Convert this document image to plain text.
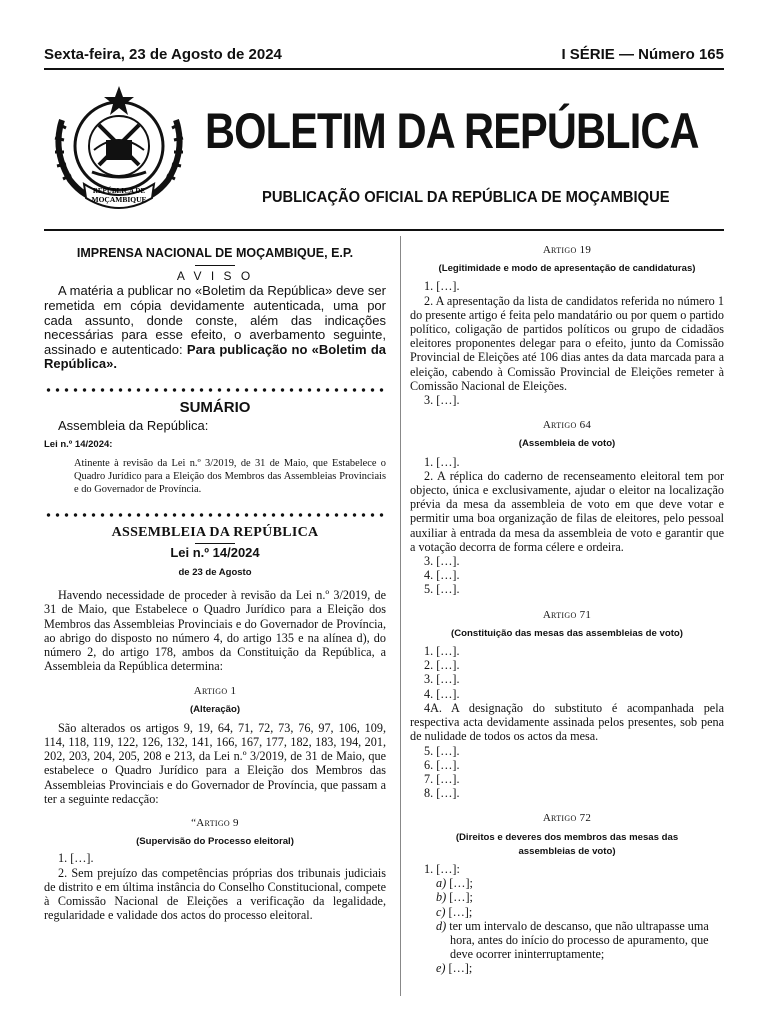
Sexta-feira, 23 de Agosto de 2024	I SÉRIE — Número 165
REPÚBLICA DE
MOÇAMBIQUE
BOLETIM DA REPÚBLICA
PUBLICAÇÃO OFICIAL DA REPÚBLICA DE MOÇAMBIQUE
IMPRENSA NACIONAL DE MOÇAMBIQUE, E.P.
A V I S O

A matéria a publicar no «Boletim da República» deve ser remetida em cópia devidamente autenticada, uma por cada assunto, donde conste, além das indicações necessárias para esse efeito, o averbamento seguinte, assinado e autenticado: Para publicação no «Boletim da República».

SUMÁRIO
Assembleia da República:
Lei n.º 14/2024:
Atinente à revisão da Lei n.º 3/2019, de 31 de Maio, que Estabelece o Quadro Jurídico para a Eleição dos Membros das Assembleias Provinciais e do Governador de Província.
ASSEMBLEIA DA REPÚBLICA
Lei n.º 14/2024
de 23 de Agosto

Havendo necessidade de proceder à revisão da Lei n.º 3/2019, de 31 de Maio, que Estabelece o Quadro Jurídico para a Eleição dos Membros das Assembleias Provinciais e do Governador de Província, ao abrigo do disposto no número 4, do artigo 135 e na alínea d), do número 2, do artigo 178, ambos da Constituição da República, a Assembleia da República determina:

Artigo 1
(Alteração)

São alterados os artigos 9, 19, 64, 71, 72, 73, 76, 97, 106, 109, 114, 118, 119, 122, 126, 132, 141, 166, 167, 177, 182, 183, 194, 201, 202, 203, 204, 205, 208 e 213, da Lei n.º 3/2019, de 31 de Maio, que estabelece o Quadro Jurídico para a Eleição dos Membros das Assembleias Provinciais e do Governador de Província, que passam a ter a seguinte redacção:

“Artigo 9
(Supervisão do Processo eleitoral)
1. […].

2. Sem prejuízo das competências próprias dos tribunais judiciais de distrito e em última instância do Conselho Constitucional, compete à Comissão Nacional de Eleições a verificação da legalidade, regularidade e validade dos actos do processo eleitoral.

Artigo 19
(Legitimidade e modo de apresentação de candidaturas)
1. […].

2. A apresentação da lista de candidatos referida no número 1 do presente artigo é feita pelo mandatário ou por quem o partido político, coligação de partidos políticos ou grupo de cidadãos eleitores proponentes delegar para o efeito, junto da Comissão Provincial de Eleições até 106 dias antes da data marcada para a eleição, cabendo à Comissão Provincial de Eleições remeter à Comissão Nacional de Eleições.

3. […].
Artigo 64
(Assembleia de voto)
1. […].

2. A réplica do caderno de recenseamento eleitoral tem por objecto, única e exclusivamente, ajudar o eleitor na localização prévia da mesa da assembleia de voto em que deve votar e permitir uma boa organização de filas de eleitores, pelo pessoal auxiliar à entrada da mesa da assembleia de voto e garantir que a votação decorra de forma célere e ordeira.

3. […].
4. […].
5. […].
Artigo 71
(Constituição das mesas das assembleias de voto)
1. […].
2. […].
3. […].
4. […].

4A. A designação do substituto é acompanhada pela respectiva acta devidamente assinada pelos presentes, sob pena de nulidade de todos os actos da mesa.

5. […].
6. […].
7. […].
8. […].
Artigo 72
(Direitos e deveres dos membros das mesas das assembleias de voto)
1. […]:
a) […];
b) […];
c) […];
d) ter um intervalo de descanso, que não ultrapasse uma hora, antes do início do processo de apuramento, que deve ocorrer ininterruptamente;
e) […];
